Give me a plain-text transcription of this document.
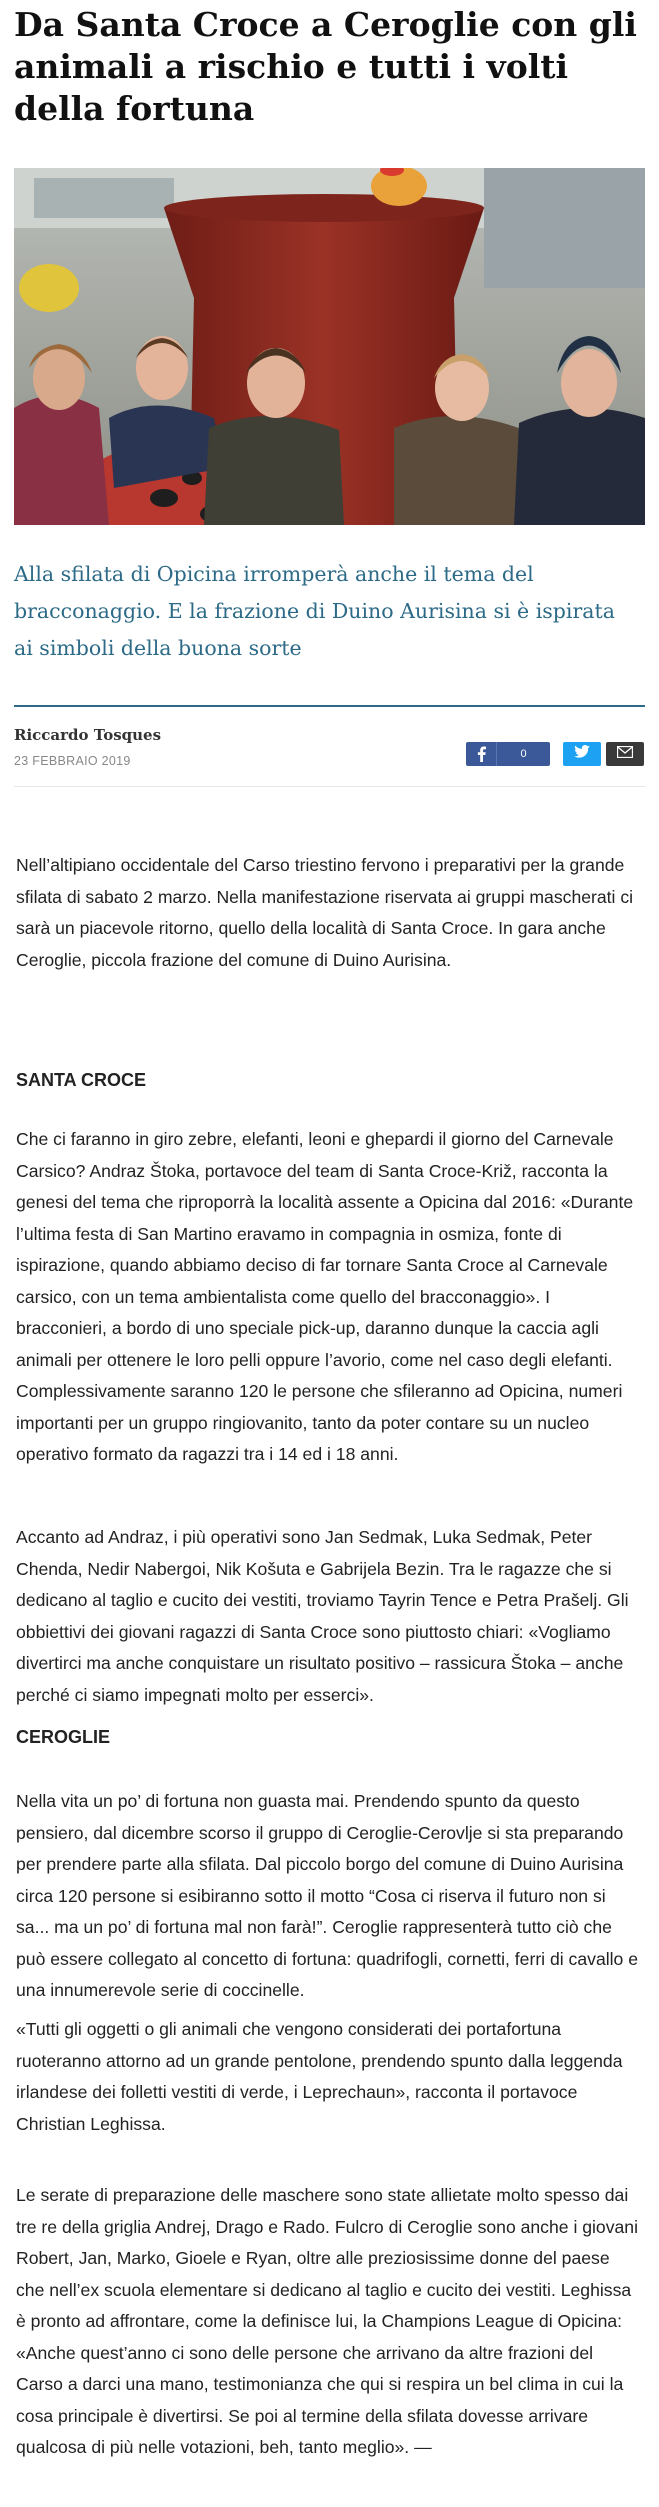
Da Santa Croce a Ceroglie con gli animali a rischio e tutti i volti della fortuna

Alla sfilata di Opicina irromperà anche il tema del bracconaggio. E la frazione di Duino Aurisina si è ispirata ai simboli della buona sorte

Riccardo Tosques

23 FEBBRAIO 2019	0

Nell’altipiano occidentale del Carso triestino fervono i preparativi per la grande sfilata di sabato 2 marzo. Nella manifestazione riservata ai gruppi mascherati ci sarà un piacevole ritorno, quello della località di Santa Croce. In gara anche Ceroglie, piccola frazione del comune di Duino Aurisina.

SANTA CROCE

Che ci faranno in giro zebre, elefanti, leoni e ghepardi il giorno del Carnevale Carsico? Andraz Štoka, portavoce del team di Santa Croce-Križ, racconta la genesi del tema che riproporrà la località assente a Opicina dal 2016: «Durante l’ultima festa di San Martino eravamo in compagnia in osmiza, fonte di ispirazione, quando abbiamo deciso di far tornare Santa Croce al Carnevale carsico, con un tema ambientalista come quello del bracconaggio». I bracconieri, a bordo di uno speciale pick-up, daranno dunque la caccia agli animali per ottenere le loro pelli oppure l’avorio, come nel caso degli elefanti. Complessivamente saranno 120 le persone che sfileranno ad Opicina, numeri importanti per un gruppo ringiovanito, tanto da poter contare su un nucleo operativo formato da ragazzi tra i 14 ed i 18 anni.

Accanto ad Andraz, i più operativi sono Jan Sedmak, Luka Sedmak, Peter Chenda, Nedir Nabergoi, Nik Košuta e Gabrijela Bezin. Tra le ragazze che si dedicano al taglio e cucito dei vestiti, troviamo Tayrin Tence e Petra Prašelj. Gli obbiettivi dei giovani ragazzi di Santa Croce sono piuttosto chiari: «Vogliamo divertirci ma anche conquistare un risultato positivo – rassicura Štoka – anche perché ci siamo impegnati molto per esserci».

CEROGLIE

Nella vita un po’ di fortuna non guasta mai. Prendendo spunto da questo pensiero, dal dicembre scorso il gruppo di Ceroglie-Cerovlje si sta preparando per prendere parte alla sfilata. Dal piccolo borgo del comune di Duino Aurisina circa 120 persone si esibiranno sotto il motto “Cosa ci riserva il futuro non si sa... ma un po’ di fortuna mal non farà!”. Ceroglie rappresenterà tutto ciò che può essere collegato al concetto di fortuna: quadrifogli, cornetti, ferri di cavallo e una innumerevole serie di coccinelle.

«Tutti gli oggetti o gli animali che vengono considerati dei portafortuna ruoteranno attorno ad un grande pentolone, prendendo spunto dalla leggenda irlandese dei folletti vestiti di verde, i Leprechaun», racconta il portavoce Christian Leghissa.

Le serate di preparazione delle maschere sono state allietate molto spesso dai tre re della griglia Andrej, Drago e Rado. Fulcro di Ceroglie sono anche i giovani Robert, Jan, Marko, Gioele e Ryan, oltre alle preziosissime donne del paese che nell’ex scuola elementare si dedicano al taglio e cucito dei vestiti. Leghissa è pronto ad affrontare, come la definisce lui, la Champions League di Opicina: «Anche quest’anno ci sono delle persone che arrivano da altre frazioni del Carso a darci una mano, testimonianza che qui si respira un bel clima in cui la cosa principale è divertirsi. Se poi al termine della sfilata dovesse arrivare qualcosa di più nelle votazioni, beh, tanto meglio». —
